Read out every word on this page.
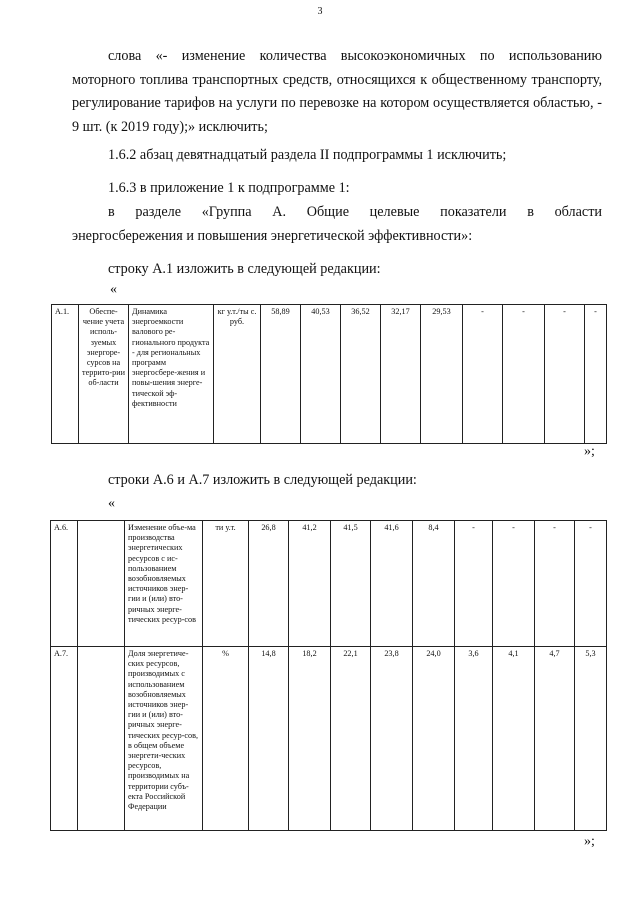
3
слова «- изменение количества высокоэкономичных по использованию моторного топлива транспортных средств, относящихся к общественному транспорту, регулирование тарифов на услуги по перевозке на котором осуществляется областью, - 9 шт. (к 2019 году);» исключить;
1.6.2 абзац девятнадцатый раздела II подпрограммы 1 исключить;
1.6.3 в приложение 1 к подпрограмме 1:
в разделе «Группа А. Общие целевые показатели в области
энергосбережения и повышения энергетической эффективности»:
строку А.1 изложить в следующей редакции:
«
А.1.	Обеспе-чение учета исполь-зуемых энергоре-сурсов на террито-рии об-ласти	Динамика энергоемкости валового ре-гионального продукта - для региональных программ энергосбере-жения и повы-шения энерге-тической эф-фективности	кг у.т./ты с. руб.	58,89	40,53	36,52	32,17	29,53	-	-	-	-
»;
строки А.6 и А.7 изложить в следующей редакции:
«
А.6.		Изменение объе-ма производства энергетических ресурсов с ис-пользованием возобновляемых источников энер-гии и (или) вто-ричных энерге-тических ресур-сов	ти у.т.	26,8	41,2	41,5	41,6	8,4	-	-	-	-
А.7.		Доля энергетиче-ских ресурсов, производимых с использованием возобновляемых источников энер-гии и (или) вто-ричных энерге-тических ресур-сов, в общем объеме энергети-ческих ресурсов, производимых на территории субъ-екта Российской Федерации	%	14,8	18,2	22,1	23,8	24,0	3,6	4,1	4,7	5,3
»;
